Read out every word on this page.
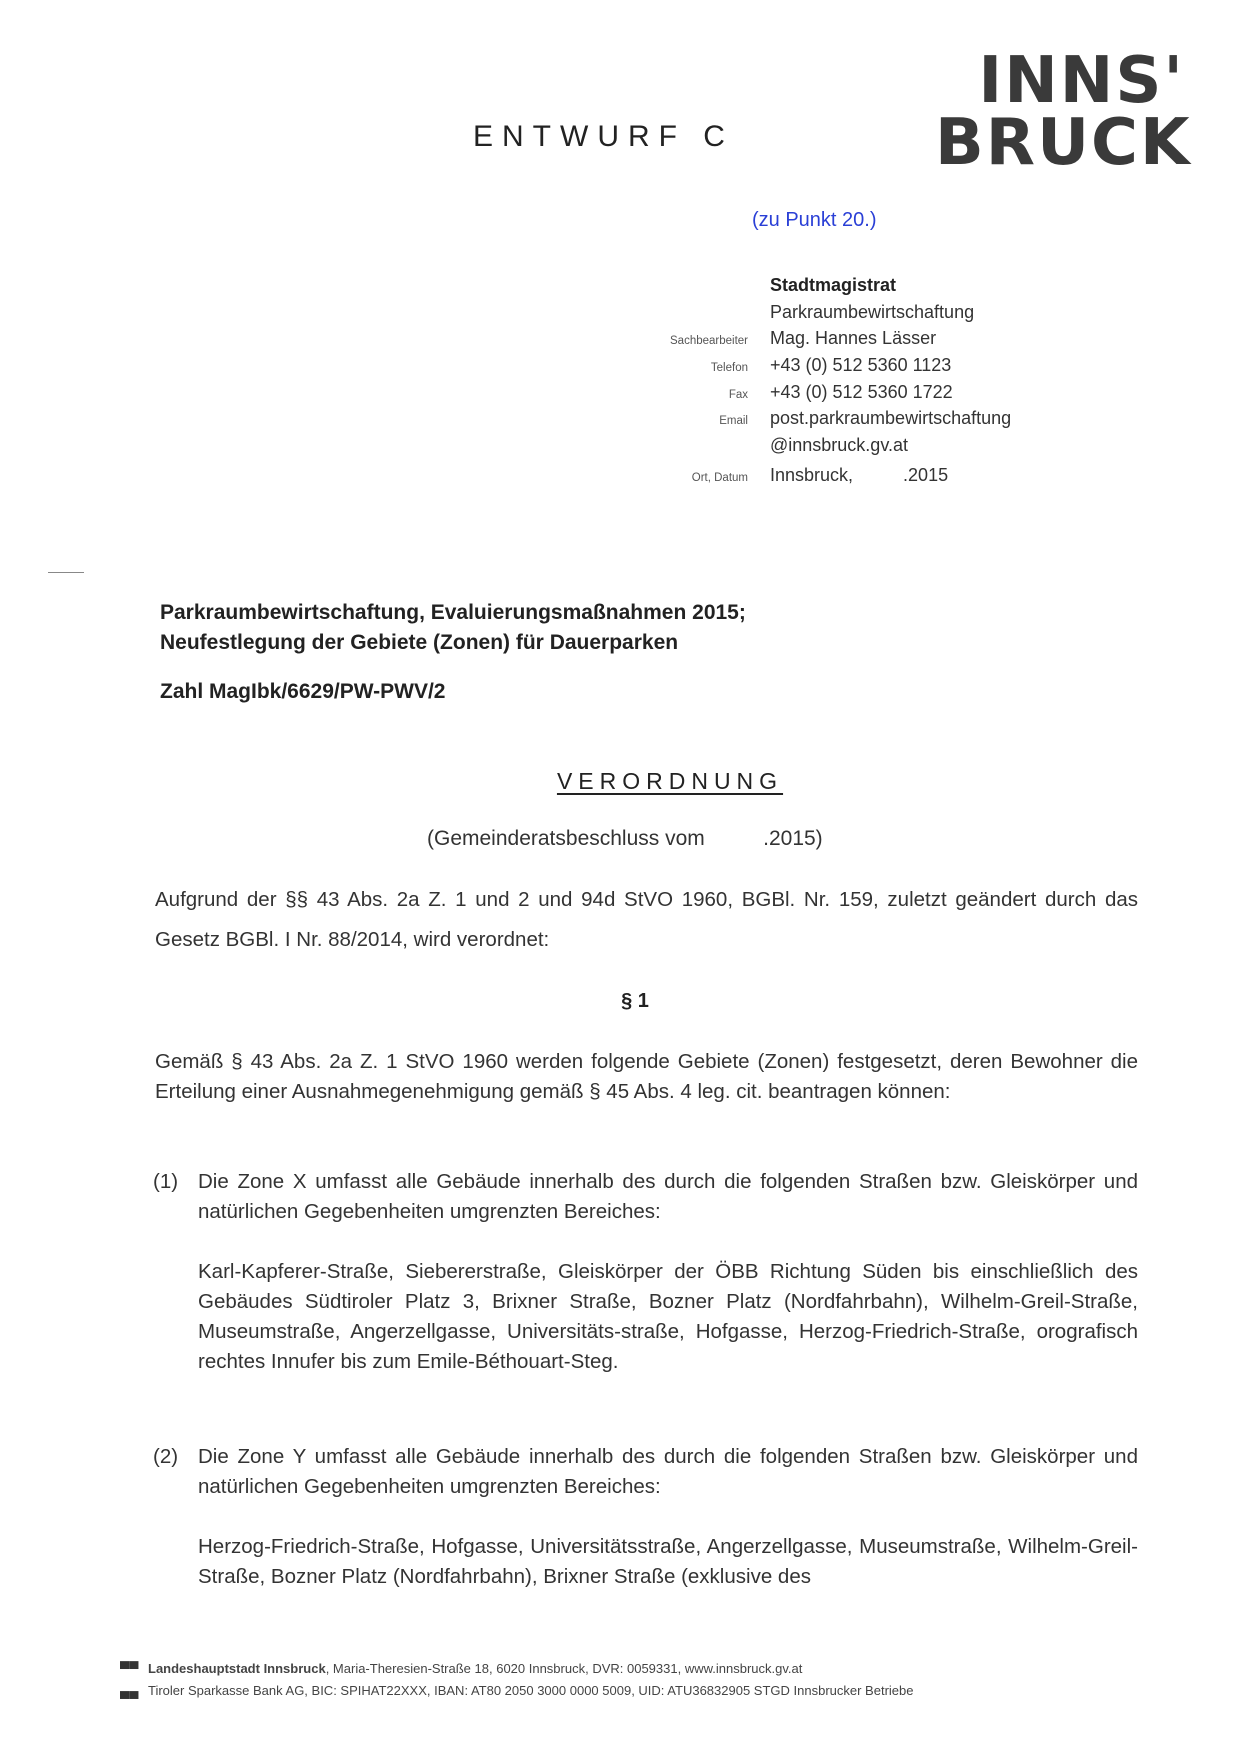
INNS'
BRUCK
ENTWURF C
(zu Punkt 20.)
Stadtmagistrat
Parkraumbewirtschaftung
Sachbearbeiter Mag. Hannes Lässer
Telefon +43 (0) 512 5360 1123
Fax +43 (0) 512 5360 1722
Email post.parkraumbewirtschaftung
@innsbruck.gv.at
Ort, Datum Innsbruck,          .2015
Parkraumbewirtschaftung, Evaluierungsmaßnahmen 2015;
Neufestlegung der Gebiete (Zonen) für Dauerparken
Zahl MagIbk/6629/PW-PWV/2
VERORDNUNG
(Gemeinderatsbeschluss vom          .2015)
Aufgrund der §§ 43 Abs. 2a Z. 1 und 2 und 94d StVO 1960, BGBl. Nr. 159, zuletzt geändert durch das Gesetz BGBl. I Nr. 88/2014, wird verordnet:
§ 1
Gemäß § 43 Abs. 2a Z. 1 StVO 1960 werden folgende Gebiete (Zonen) festgesetzt, deren Bewohner die Erteilung einer Ausnahmegenehmigung gemäß § 45 Abs. 4 leg. cit. beantragen können:
(1) Die Zone X umfasst alle Gebäude innerhalb des durch die folgenden Straßen bzw. Gleiskörper und natürlichen Gegebenheiten umgrenzten Bereiches:
Karl-Kapferer-Straße, Siebererstraße, Gleiskörper der ÖBB Richtung Süden bis einschließlich des Gebäudes Südtiroler Platz 3, Brixner Straße, Bozner Platz (Nordfahrbahn), Wilhelm-Greil-Straße, Museumstraße, Angerzellgasse, Universitäts-straße, Hofgasse, Herzog-Friedrich-Straße, orografisch rechtes Innufer bis zum Emile-Béthouart-Steg.
(2) Die Zone Y umfasst alle Gebäude innerhalb des durch die folgenden Straßen bzw. Gleiskörper und natürlichen Gegebenheiten umgrenzten Bereiches:
Herzog-Friedrich-Straße, Hofgasse, Universitätsstraße, Angerzellgasse, Museumstraße, Wilhelm-Greil-Straße, Bozner Platz (Nordfahrbahn), Brixner Straße (exklusive des
▀▀ Landeshauptstadt Innsbruck, Maria-Theresien-Straße 18, 6020 Innsbruck, DVR: 0059331, www.innsbruck.gv.at
▄▄ Tiroler Sparkasse Bank AG, BIC: SPIHAT22XXX, IBAN: AT80 2050 3000 0000 5009, UID: ATU36832905 STGD Innsbrucker Betriebe
